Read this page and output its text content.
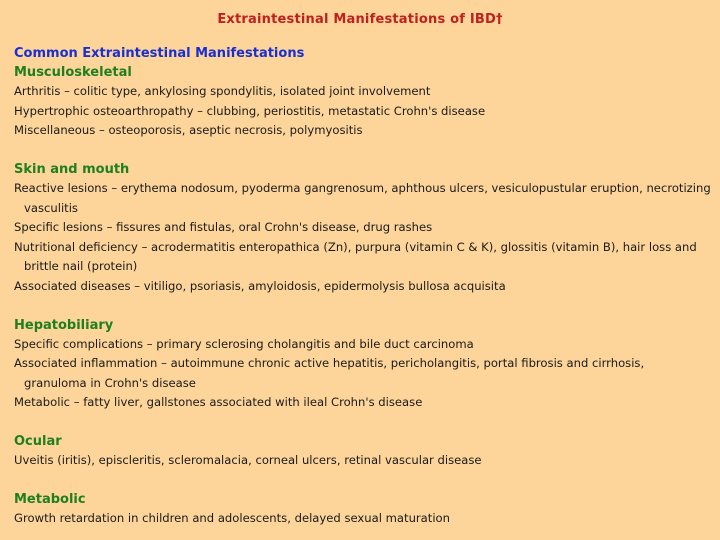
Extraintestinal Manifestations of IBD†
Common Extraintestinal Manifestations
Musculoskeletal
Arthritis – colitic type, ankylosing spondylitis, isolated joint involvement
Hypertrophic osteoarthropathy – clubbing, periostitis, metastatic Crohn's disease
Miscellaneous – osteoporosis, aseptic necrosis, polymyositis
Skin and mouth
Reactive lesions – erythema nodosum, pyoderma gangrenosum, aphthous ulcers, vesiculopustular eruption, necrotizing
vasculitis
Specific lesions – fissures and fistulas, oral Crohn's disease, drug rashes
Nutritional deficiency – acrodermatitis enteropathica (Zn), purpura (vitamin C & K), glossitis (vitamin B), hair loss and
brittle nail (protein)
Associated diseases – vitiligo, psoriasis, amyloidosis, epidermolysis bullosa acquisita
Hepatobiliary
Specific complications – primary sclerosing cholangitis and bile duct carcinoma
Associated inflammation – autoimmune chronic active hepatitis, pericholangitis, portal fibrosis and cirrhosis,
granuloma in Crohn's disease
Metabolic – fatty liver, gallstones associated with ileal Crohn's disease
Ocular
Uveitis (iritis), episcleritis, scleromalacia, corneal ulcers, retinal vascular disease
Metabolic
Growth retardation in children and adolescents, delayed sexual maturation
